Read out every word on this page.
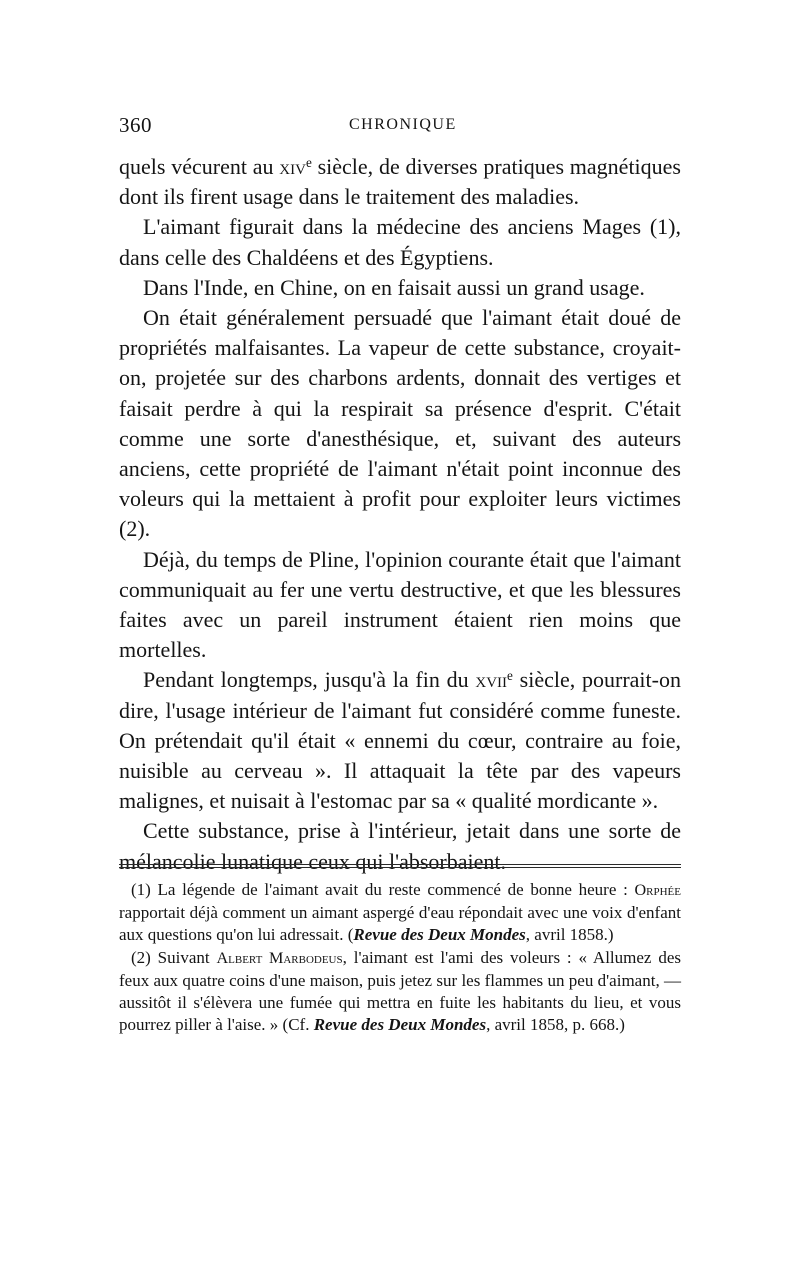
360	CHRONIQUE

quels vécurent au xiv$^e$ siècle, de diverses pratiques magnétiques dont ils firent usage dans le traitement des maladies.

L'aimant figurait dans la médecine des anciens Mages (1), dans celle des Chaldéens et des Égyptiens.

Dans l'Inde, en Chine, on en faisait aussi un grand usage.

On était généralement persuadé que l'aimant était doué de propriétés malfaisantes. La vapeur de cette substance, croyait-on, projetée sur des charbons ardents, donnait des vertiges et faisait perdre à qui la respirait sa présence d'esprit. C'était comme une sorte d'anesthésique, et, suivant des auteurs anciens, cette propriété de l'aimant n'était point inconnue des voleurs qui la mettaient à profit pour exploiter leurs victimes (2).

Déjà, du temps de Pline, l'opinion courante était que l'aimant communiquait au fer une vertu destructive, et que les blessures faites avec un pareil instrument étaient rien moins que mortelles.

Pendant longtemps, jusqu'à la fin du xvii$^e$ siècle, pourrait-on dire, l'usage intérieur de l'aimant fut considéré comme funeste. On prétendait qu'il était « ennemi du cœur, contraire au foie, nuisible au cerveau ». Il attaquait la tête par des vapeurs malignes, et nuisait à l'estomac par sa « qualité mordicante ».

Cette substance, prise à l'intérieur, jetait dans une sorte de mélancolie lunatique ceux qui l'absorbaient.

(1) La légende de l'aimant avait du reste commencé de bonne heure : Orphée rapportait déjà comment un aimant aspergé d'eau répondait avec une voix d'enfant aux questions qu'on lui adressait. (Revue des Deux Mondes, avril 1858.)

(2) Suivant Albert Marbodeus, l'aimant est l'ami des voleurs : « Allumez des feux aux quatre coins d'une maison, puis jetez sur les flammes un peu d'aimant, — aussitôt il s'élèvera une fumée qui mettra en fuite les habitants du lieu, et vous pourrez piller à l'aise. » (Cf. Revue des Deux Mondes, avril 1858, p. 668.)
